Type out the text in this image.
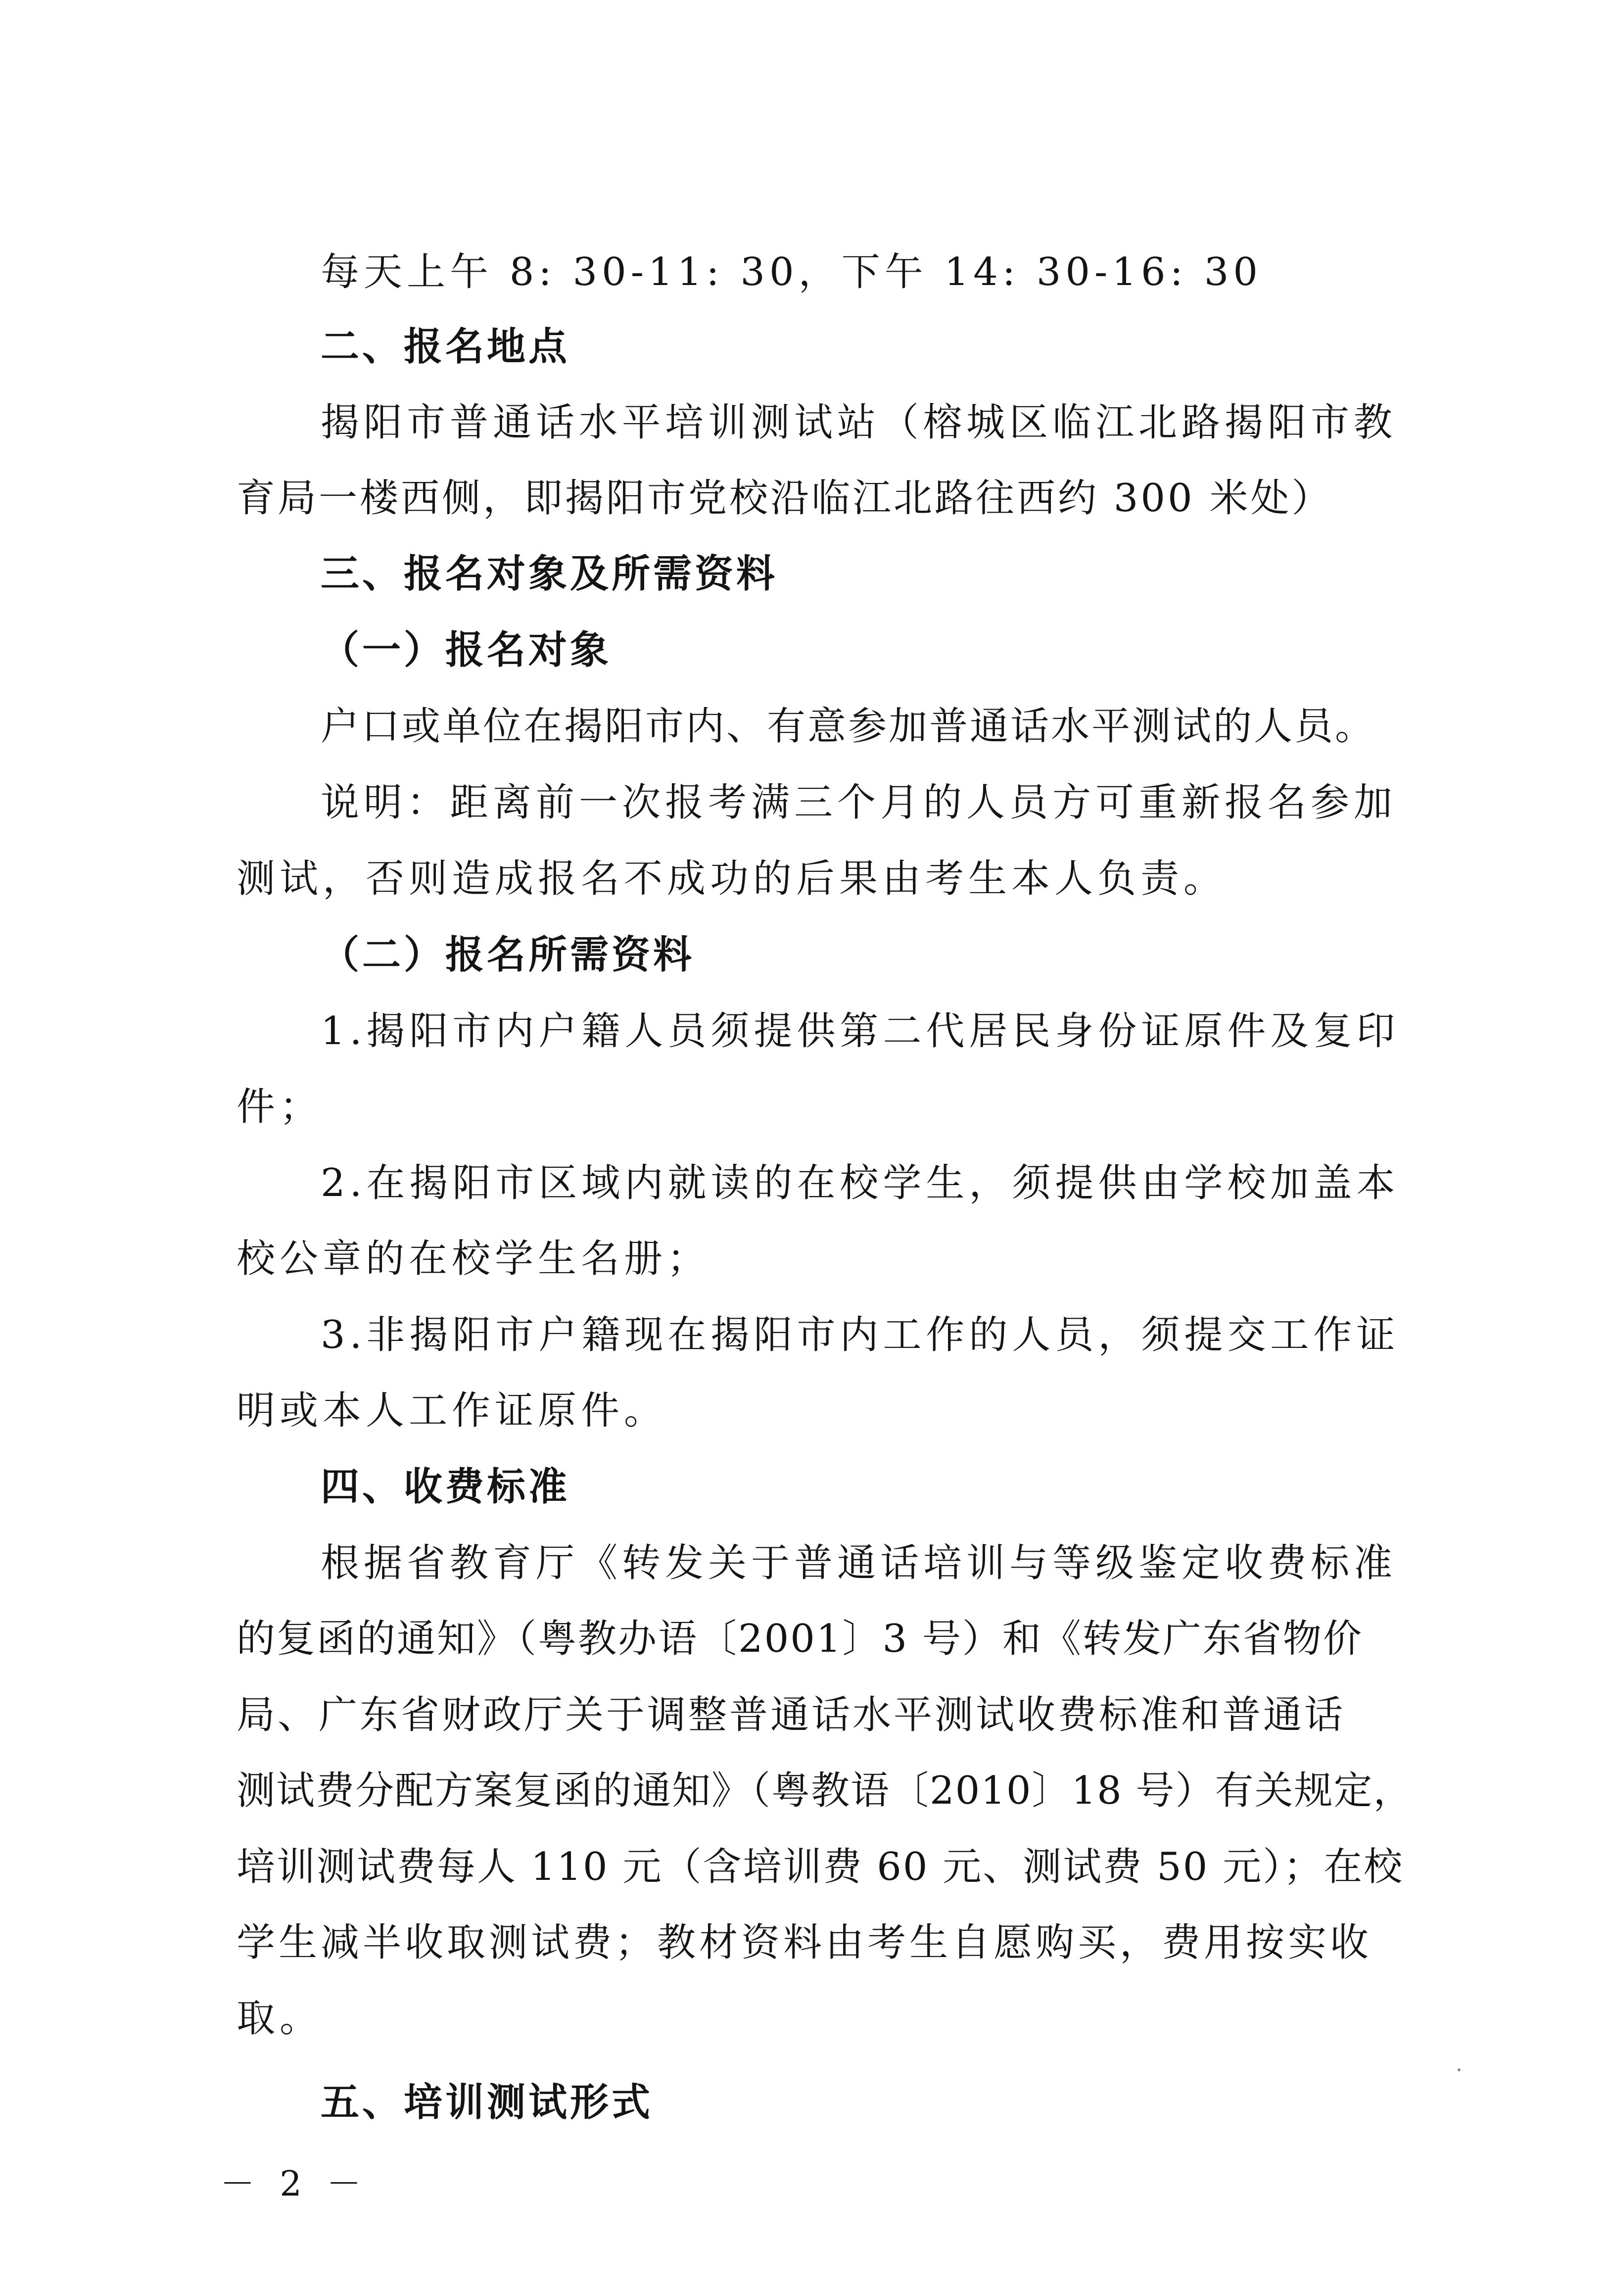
每天上午 8: 30-11: 30，下午 14: 30-16: 30
二、报名地点
揭阳市普通话水平培训测试站（榕城区临江北路揭阳市教
育局一楼西侧，即揭阳市党校沿临江北路往西约 300 米处）
三、报名对象及所需资料
（一）报名对象
户口或单位在揭阳市内、有意参加普通话水平测试的人员。
说明：距离前一次报考满三个月的人员方可重新报名参加
测试，否则造成报名不成功的后果由考生本人负责。
（二）报名所需资料
1.揭阳市内户籍人员须提供第二代居民身份证原件及复印
件；
2.在揭阳市区域内就读的在校学生，须提供由学校加盖本
校公章的在校学生名册；
3.非揭阳市户籍现在揭阳市内工作的人员，须提交工作证
明或本人工作证原件。
四、收费标准
根据省教育厅《转发关于普通话培训与等级鉴定收费标准
的复函的通知》（粤教办语〔2001〕3 号）和《转发广东省物价
局、广东省财政厅关于调整普通话水平测试收费标准和普通话
测试费分配方案复函的通知》（粤教语〔2010〕18 号）有关规定，
培训测试费每人 110 元（含培训费 60 元、测试费 50 元）；在校
学生减半收取测试费；教材资料由考生自愿购买，费用按实收
取。
五、培训测试形式
－ 2 －
